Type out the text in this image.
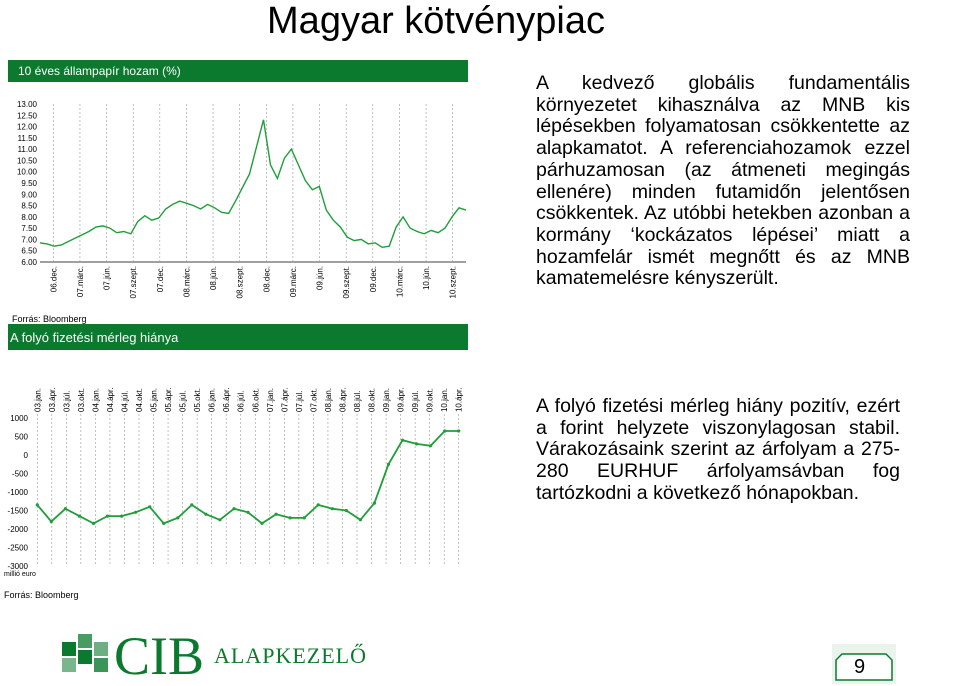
Magyar kötvénypiac
10 éves állampapír hozam (%)
13.00
12.50
12.00
11.50
11.00
10.50
10.00
9.50
9.00
8.50
8.00
7.50
7.00
6.50
6.00
06.dec. 07.márc. 07.jún. 07.szept. 07.dec. 08.márc. 08.jún. 08.szept. 08.dec. 09.márc. 09.jún. 09.szept. 09.dec. 10.márc. 10.jún. 10.szept.
Forrás: Bloomberg
A folyó fizetési mérleg hiánya
1000
500
0
-500
-1000
-1500
-2000
-2500
-3000
millió euro
03.jan. 03.ápr. 03.júl. 03.okt. 04.jan. 04.ápr. 04.júl. 04.okt. 05.jan. 05.ápr. 05.júl. 05.okt. 06.jan. 06.ápr. 06.júl. 06.okt. 07.jan. 07.ápr. 07.júl. 07.okt. 08.jan. 08.ápr. 08.júl. 08.okt. 09.jan. 09.ápr. 09.júl. 09.okt. 10.jan. 10.ápr.
Forrás: Bloomberg
A kedvező globális fundamentális környezetet kihasználva az MNB kis lépésekben folyamatosan csökkentette az alapkamatot. A referenciahozamok ezzel párhuzamosan (az átmeneti megingás ellenére) minden futamidőn jelentősen csökkentek. Az utóbbi hetekben azonban a kormány ‘kockázatos lépései’ miatt a hozamfelár ismét megnőtt és az MNB kamatemelésre kényszerült.
A folyó fizetési mérleg hiány pozitív, ezért a forint helyzete viszonylagosan stabil. Várakozásaink szerint az árfolyam a 275-280 EURHUF árfolyamsávban fog tartózkodni a következő hónapokban.
CIB ALAPKEZELŐ	9
